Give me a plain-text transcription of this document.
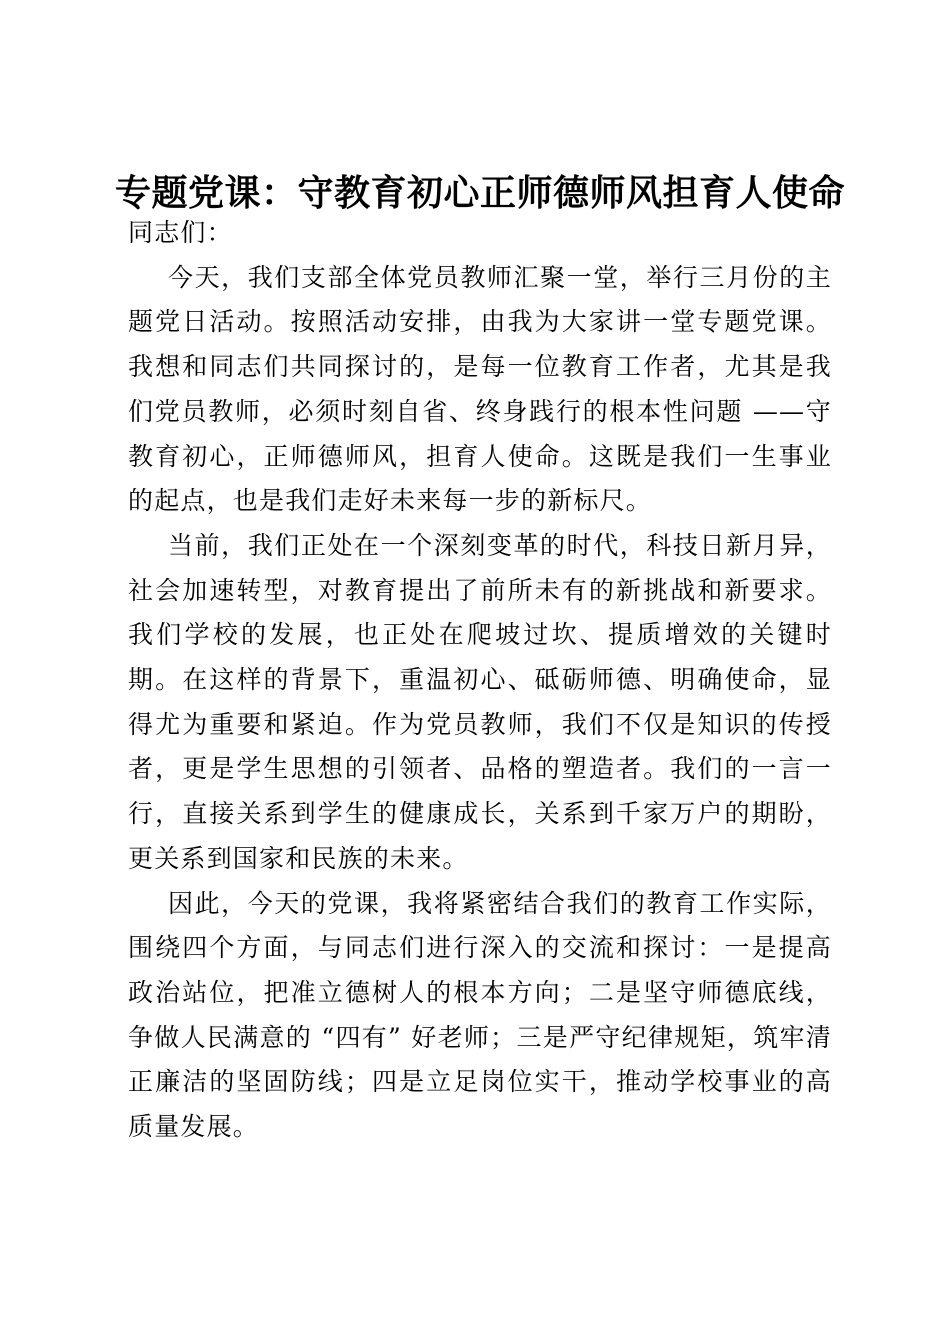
专题党课：守教育初心正师德师风担育人使命

同志们：

今天，我们支部全体党员教师汇聚一堂，举行三月份的主题党日活动。按照活动安排，由我为大家讲一堂专题党课。我想和同志们共同探讨的，是每一位教育工作者，尤其是我们党员教师，必须时刻自省、终身践行的根本性问题 ——守教育初心，正师德师风，担育人使命。这既是我们一生事业的起点，也是我们走好未来每一步的新标尺。

当前，我们正处在一个深刻变革的时代，科技日新月异，社会加速转型，对教育提出了前所未有的新挑战和新要求。我们学校的发展，也正处在爬坡过坎、提质增效的关键时期。在这样的背景下，重温初心、砥砺师德、明确使命，显得尤为重要和紧迫。作为党员教师，我们不仅是知识的传授者，更是学生思想的引领者、品格的塑造者。我们的一言一行，直接关系到学生的健康成长，关系到千家万户的期盼，更关系到国家和民族的未来。

因此，今天的党课，我将紧密结合我们的教育工作实际，围绕四个方面，与同志们进行深入的交流和探讨：一是提高政治站位，把准立德树人的根本方向；二是坚守师德底线，争做人民满意的 “四有” 好老师；三是严守纪律规矩，筑牢清正廉洁的坚固防线；四是立足岗位实干，推动学校事业的高质量发展。
